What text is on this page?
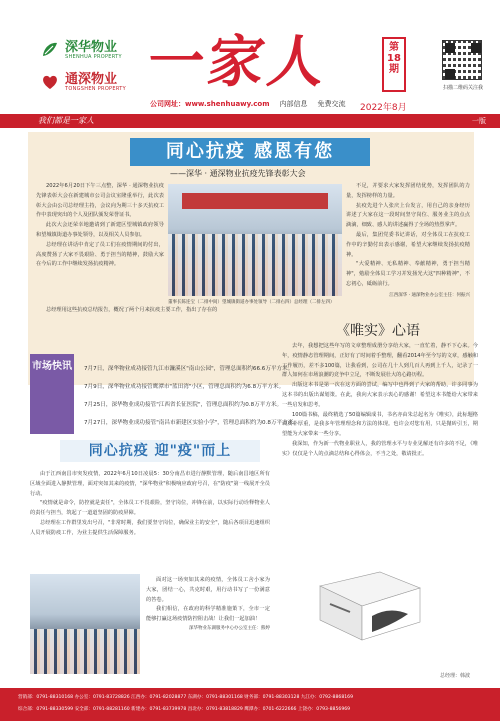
深华物业
SHENHUA PROPERTY
通深物业
TONGSHEN PROPERTY 一家人	第18期
2022年8月
扫描二维码关注我
公司网址：www.shenhuawy.com 内部信息 免费交流
我们都是一家人	一版
同心抗疫 感恩有您
——深华 · 通深物业抗疫先锋表彰大会

2022年6月20日下午三点整，深华 · 通深物业抗疫先锋表彰大会在新建城市公司会议室隆重举行，此次表彰大会由公司总经理主持，会议向为期三十多天抗疫工作中表现突出的个人及团队颁发荣誉证书。

此次大会还荣幸地邀请到了新建区望城镇政府领导和望城镇街道办事处领导，以及相关人员参加。

总经理在讲话中肯定了员工们在疫情期间的付出，高度赞扬了大家不畏艰险、勇于担当的精神，鼓励大家在今后的工作中继续发扬抗疫精神。

董事长陈连宝（二排中间）望城镇街道办事处领导（二排右四）总经理（二排左四）

总经理用这些抗疫总结报告，概况了两个月来抗疫主要工作，指出了存在的

不足，并要求大家发挥团结优势，发挥团队的力量，发挥榜样的力量。

抗疫先进个人张庆上台发言，用自己的亲身经历讲述了大家在这一段时间坚守岗位、服务业主的点点滴滴，细致、感人的讲述赢得了全场的热烈掌声。

最后，集团党委书记讲话，对全体员工在抗疫工作中的辛勤付出表示感谢，希望大家继续发扬抗疫精神。

"大爱精神、无私精神、奉献精神，勇于担当精神"，勉励全体员工学习并发扬光大这"四种精神"，不忘初心，砥砺前行。

江西深华 · 通深物业办公室主任：何振兴

市场快讯	7月7日，深华物业成功接管九江市濂溪区"南山公园"，管理总面积约66.6万平方米。
7月9日，深华物业成功接管鹰潭市"蓝田湾"小区，管理总面积约为6.8万平方米。
7月25日，深华物业成功接管"江西省长征医院"，管理总面积约为0.8万平方米。
7月27日，深华物业成功接管"南昌市新建区实验小学"，管理总面积约为0.8万平方米。
《唯实》心语

去年，我想把这些年写的文章整理成册分享给大家，一直忙着，静不下心来。今年，疫情静态管理期间，正好有了时间着手整理，翻看2014年至今写的文章，感触和工作履历，差不多100篇，让我看到，公司在几十人到几百人再到上千人，记录了一群人如何在市场浪潮的竞争中立足，不断发展壮大的心路历程。

出版这本书是第一次在这方面的尝试，编写中也得到了大家的帮助，许多同事为这本书的出版出谋划策。在此，我向大家表示衷心的感谢！希望这本书能给大家带来一些启发和思考。

100篇书稿，最终精选了50篇编辑成书，书名亦由朱总起名为《唯实》，此标题格调质朴厚重，是我多年管理理念和方法的体现。也许会对您有用，只是抛砖引玉，期望能为大家带来一些分享。

我深知，作为新一代物业职业人，我的管理水平与专业见解还有许多的不足，《唯实》仅仅是个人的点滴总结和心得体会，不当之处，敬请批正。

总经理：韩波
同心抗疫 迎"疫"而上

由于江西南昌市突发疫情，2022年6月10日凌晨5：30分南昌市进行静默管理，随后南昌地区所有区域全面进入静默管理，面对突如其来的疫情，"深华物业"积极响应政府号召，在"防疫"第一线展开全员行动。

"疫情就是命令，防控就是责任"，全体员工不畏艰险，坚守岗位，冲锋在前，以实际行动诠释物业人的责任与担当，筑起了一道道坚固的防疫屏障。

总经理在工作群里发出号召，"非常时期，我们要坚守岗位，确保业主的安全"，随后各项目迅速组织人员开展防疫工作，为业主提供生活保障服务。

面对这一场突如其来的疫情，全体员工舍小家为大家，团结一心，共克时艰，用行动书写了一份满意的答卷。

我们相信，在政府的科学精准施策下，全市一定能够打赢这场疫情防控阻击战！让我们一起加油！

深华物业东湖服务中心办公室主任：熊婷

营销部：0791-88310168 办公室：0791-83728826 江西办：0791-82028877 东湖办：0791-88301168 财务部：0791-88303128 九江办：0792-8868169
综合部：0791-88330599 安全部：0791-88281160 新建办：0791-83739978 昌北办：0791-83818829 鹰潭办：0701-6222666 上饶办：0793-8856969
